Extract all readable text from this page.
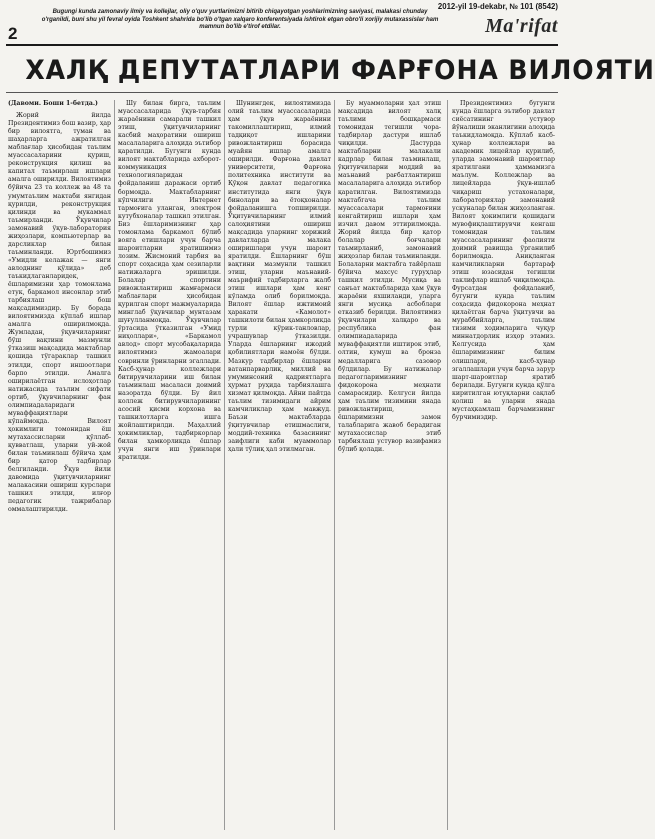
2
Bugungi kunda zamonaviy ilmiy va kollejlar, oliy o'quv yurtlarimizni bitirib chiqayotgan yoshlarimizning saviyasi, malakasi chunday o'rganildi, buni shu yil fevral oyida Toshkent shahrida bo'lib o'tgan xalqaro konferentsiyada ishtirok etgan obro'li xorijiy mutaxassislar ham mamnun bo'lib e'tirof etdilar.
2012-yil 19-dekabr, № 101 (8542)
Ma'rifat
ХАЛҚ ДЕПУТАТЛАРИ ФАРҒОНА ВИЛОЯТИ

(Давоми. Боши 1-бетда.)

Жорий йилда Президентимиз бош вазир, ҳар бир вилоятга, туман ва шаҳарларга ажратилган маблағлар ҳисобидан таълим муассасаларини қуриш, реконструкция қилиш ва капитал таъмирлаш ишлари амалга оширилди. Вилоятимиз бўйича 23 та коллеж ва 48 та умумтаълим мактаби янгидан қурилди, реконструкция қилинди ва мукаммал таъмирланди. Ўқувчилар замонавий ўқув-лаборатория жиҳозлари, компьютерлар ва дарсликлар билан таъминланди. Юртбошимиз «Умидли келажак — янги авлоднинг қўлида» деб таъкидлаганларидек, ёшларимизни ҳар томонлама етук, баркамол инсонлар этиб тарбиялаш бош мақсадимиздир. Бу борада вилоятимизда кўплаб ишлар амалга оширилмоқда. Жумладан, ўқувчиларнинг бўш вақтини мазмунли ўтказиш мақсадида мактаблар қошида тўгараклар ташкил этилди, спорт иншоотлари барпо этилди. Амалга оширилаётган ислоҳотлар натижасида таълим сифати ортиб, ўқувчиларнинг фан олимпиадаларидаги муваффақиятлари кўпаймоқда. Вилоят ҳокимлиги томонидан ёш мутахассисларни қўллаб-қувватлаш, уларни уй-жой билан таъминлаш бўйича ҳам бир қатор тадбирлар белгиланди. Ўқув йили давомида ўқитувчиларнинг малакасини ошириш курслари ташкил этилди, илғор педагогик тажрибалар оммалаштирилди.

Шу билан бирга, таълим муассасаларида ўқув-тарбия жараёнини самарали ташкил этиш, ўқитувчиларнинг касбий маҳоратини ошириш масалаларига алоҳида эътибор қаратилди. Бугунги кунда вилоят мактабларида ахборот-коммуникация технологияларидан фойдаланиш даражаси ортиб бормоқда. Мактабларнинг кўпчилиги Интернет тармоғига уланган, электрон кутубхоналар ташкил этилган. Биз ёшларимизнинг ҳар томонлама баркамол бўлиб вояга етишлари учун барча шароитларни яратишимиз лозим. Жисмоний тарбия ва спорт соҳасида ҳам сезиларли натижаларга эришилди. Болалар спортини ривожлантириш жамғармаси маблағлари ҳисобидан қурилган спорт мажмуаларида минглаб ўқувчилар мунтазам шуғулланмоқда. Ўқувчилар ўртасида ўтказилган «Умид ниҳоллари», «Баркамол авлод» спорт мусобақаларида вилоятимиз жамоалари совринли ўринларни эгаллади. Касб-ҳунар коллежлари битирувчиларини иш билан таъминлаш масаласи доимий назоратда бўлди. Бу йил коллеж битирувчиларининг асосий қисми корхона ва ташкилотларга ишга жойлаштирилди. Маҳаллий ҳокимликлар, тадбиркорлар билан ҳамкорликда ёшлар учун янги иш ўринлари яратилди.

Шунингдек, вилоятимизда олий таълим муассасаларида ҳам ўқув жараёнини такомиллаштириш, илмий тадқиқот ишларини ривожлантириш борасида муайян ишлар амалга оширилди. Фарғона давлат университети, Фарғона политехника институти ва Қўқон давлат педагогика институтида янги ўқув бинолари ва ётоқхоналар фойдаланишга топширилди. Ўқитувчиларнинг илмий салоҳиятини ошириш мақсадида уларнинг хорижий давлатларда малака оширишлари учун шароит яратилди. Ёшларнинг бўш вақтини мазмунли ташкил этиш, уларни маънавий-маърифий тадбирларга жалб этиш ишлари ҳам кенг кўламда олиб борилмоқда. Вилоят ёшлар ижтимоий ҳаракати «Камолот» ташкилоти билан ҳамкорликда турли кўрик-танловлар, учрашувлар ўтказилди. Уларда ёшларнинг ижодий қобилиятлари намоён бўлди. Мазкур тадбирлар ёшларни ватанпарварлик, миллий ва умуминсоний қадриятларга ҳурмат руҳида тарбиялашга хизмат қилмоқда. Айни пайтда таълим тизимидаги айрим камчиликлар ҳам мавжуд. Баъзи мактабларда ўқитувчилар етишмаслиги, моддий-техника базасининг заифлиги каби муаммолар ҳали тўлиқ ҳал этилмаган.

Бу муаммоларни ҳал этиш мақсадида вилоят халқ таълими бошқармаси томонидан тегишли чора-тадбирлар дастури ишлаб чиқилди. Дастурда мактабларни малакали кадрлар билан таъминлаш, ўқитувчиларни моддий ва маънавий рағбатлантириш масалаларига алоҳида эътибор қаратилган. Вилоятимизда мактабгача таълим муассасалари тармоғини кенгайтириш ишлари ҳам изчил давом эттирилмоқда. Жорий йилда бир қатор болалар боғчалари таъмирланиб, замонавий жиҳозлар билан таъминланди. Болаларни мактабга тайёрлаш бўйича махсус гуруҳлар ташкил этилди. Мусиқа ва санъат мактабларида ҳам ўқув жараёни яхшиланди, уларга янги мусиқа асбоблари етказиб берилди. Вилоятимиз ўқувчилари халқаро ва республика фан олимпиадаларида муваффақиятли иштирок этиб, олтин, кумуш ва бронза медалларига сазовор бўлдилар. Бу натижалар педагогларимизнинг фидокорона меҳнати самарасидир. Келгуси йилда ҳам таълим тизимини янада ривожлантириш, ёшларимизни замон талабларига жавоб берадиган мутахассислар этиб тарбиялаш устувор вазифамиз бўлиб қолади.

Президентимиз бугунги кунда ёшларга эътибор давлат сиёсатининг устувор йўналиши эканлигини алоҳида таъкидламоқда. Кўплаб касб-ҳунар коллежлари ва академик лицейлар қурилиб, уларда замонавий шароитлар яратилгани ҳаммамизга маълум. Коллежлар ва лицейларда ўқув-ишлаб чиқариш устахоналари, лабораториялар замонавий ускуналар билан жиҳозланган. Вилоят ҳокимлиги қошидаги мувофиқлаштирувчи кенгаш томонидан таълим муассасаларининг фаолияти доимий равишда ўрганилиб борилмоқда. Аниқланган камчиликларни бартараф этиш юзасидан тегишли таклифлар ишлаб чиқилмоқда. Фурсатдан фойдаланиб, бугунги кунда таълим соҳасида фидокорона меҳнат қилаётган барча ўқитувчи ва мураббийларга, таълим тизими ходимларига чуқур миннатдорлик изҳор этамиз. Келгусида ҳам ёшларимизнинг билим олишлари, касб-ҳунар эгаллашлари учун барча зарур шарт-шароитлар яратиб берилади. Бугунги кунда қўлга киритилган ютуқларни сақлаб қолиш ва уларни янада мустаҳкамлаш барчамизнинг бурчимиздир.
